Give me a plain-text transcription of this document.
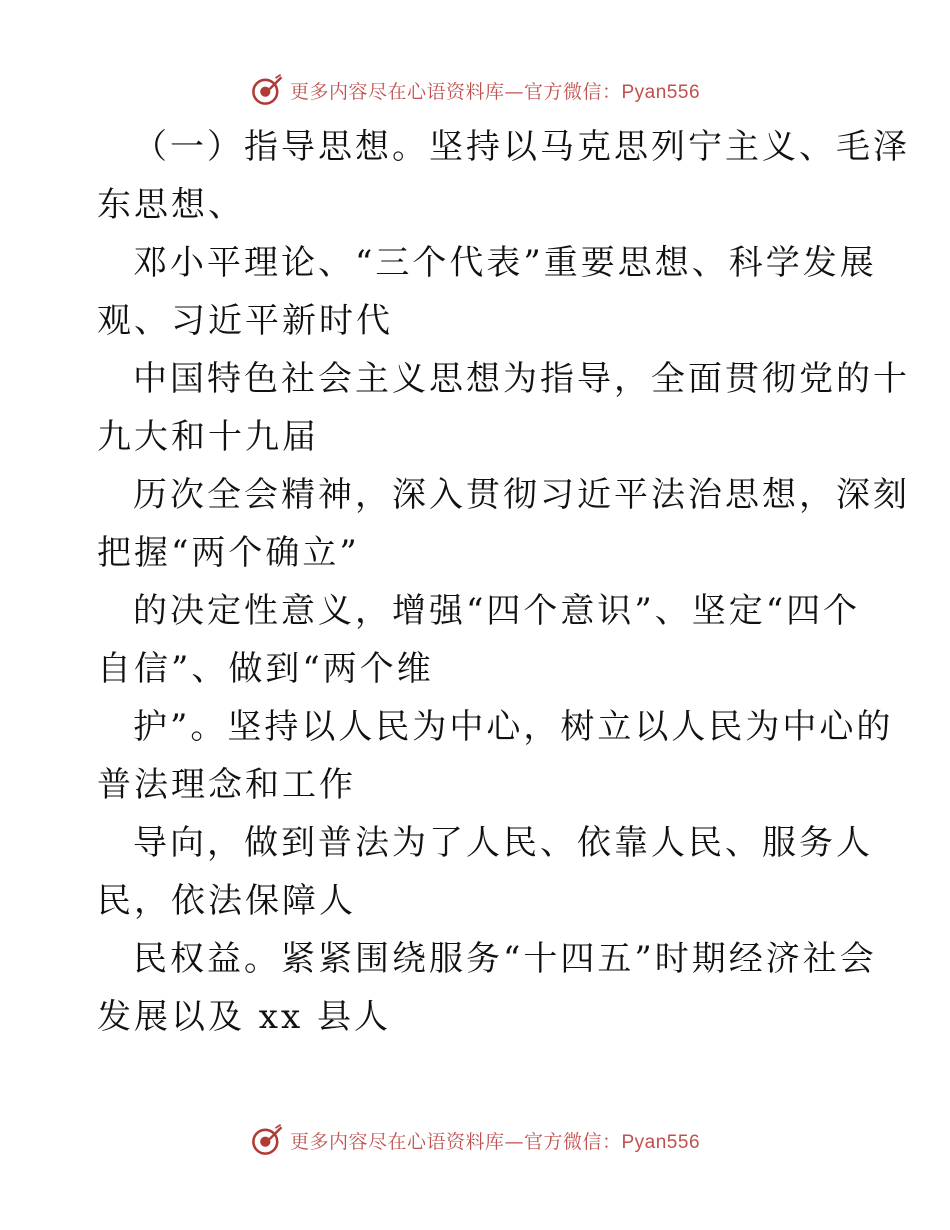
更多内容尽在心语资料库—官方微信：Pyan556

（一）指导思想。坚持以马克思列宁主义、毛泽

东思想、

邓小平理论、“三个代表”重要思想、科学发展

观、习近平新时代

中国特色社会主义思想为指导，全面贯彻党的十

九大和十九届

历次全会精神，深入贯彻习近平法治思想，深刻

把握“两个确立”

的决定性意义，增强“四个意识”、坚定“四个

自信”、做到“两个维

护”。坚持以人民为中心，树立以人民为中心的

普法理念和工作

导向，做到普法为了人民、依靠人民、服务人

民，依法保障人

民权益。紧紧围绕服务“十四五”时期经济社会

发展以及 xx 县人

更多内容尽在心语资料库—官方微信：Pyan556
